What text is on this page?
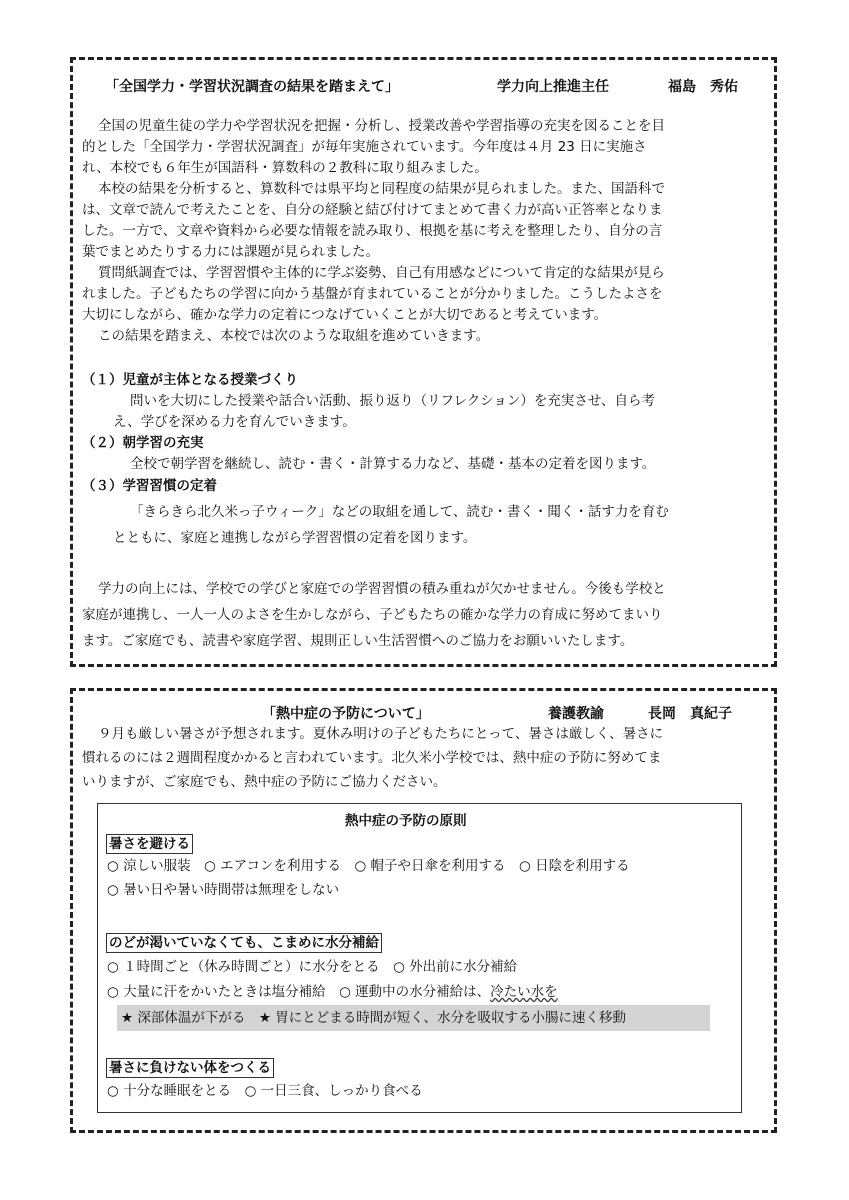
「全国学力・学習状況調査の結果を踏まえて」	学力向上推進主任	福島　秀佑
全国の児童生徒の学力や学習状況を把握・分析し、授業改善や学習指導の充実を図ることを目
的とした「全国学力・学習状況調査」が毎年実施されています。今年度は４月 23 日に実施さ
れ、本校でも６年生が国語科・算数科の２教科に取り組みました。
本校の結果を分析すると、算数科では県平均と同程度の結果が見られました。また、国語科で
は、文章で読んで考えたことを、自分の経験と結び付けてまとめて書く力が高い正答率となりま
した。一方で、文章や資料から必要な情報を読み取り、根拠を基に考えを整理したり、自分の言
葉でまとめたりする力には課題が見られました。
質問紙調査では、学習習慣や主体的に学ぶ姿勢、自己有用感などについて肯定的な結果が見ら
れました。子どもたちの学習に向かう基盤が育まれていることが分かりました。こうしたよさを
大切にしながら、確かな学力の定着につなげていくことが大切であると考えています。
この結果を踏まえ、本校では次のような取組を進めていきます。
（１）児童が主体となる授業づくり
問いを大切にした授業や話合い活動、振り返り（リフレクション）を充実させ、自ら考
え、学びを深める力を育んでいきます。
（２）朝学習の充実
全校で朝学習を継続し、読む・書く・計算する力など、基礎・基本の定着を図ります。
（３）学習習慣の定着
「きらきら北久米っ子ウィーク」などの取組を通して、読む・書く・聞く・話す力を育む
とともに、家庭と連携しながら学習習慣の定着を図ります。
学力の向上には、学校での学びと家庭での学習習慣の積み重ねが欠かせません。今後も学校と
家庭が連携し、一人一人のよさを生かしながら、子どもたちの確かな学力の育成に努めてまいり
ます。ご家庭でも、読書や家庭学習、規則正しい生活習慣へのご協力をお願いいたします。
「熱中症の予防について」	養護教諭	長岡　真紀子
９月も厳しい暑さが予想されます。夏休み明けの子どもたちにとって、暑さは厳しく、暑さに
慣れるのには２週間程度かかると言われています。北久米小学校では、熱中症の予防に努めてま
いりますが、ご家庭でも、熱中症の予防にご協力ください。
熱中症の予防の原則
暑さを避ける
○ 涼しい服装　○ エアコンを利用する　○ 帽子や日傘を利用する　○ 日陰を利用する
○ 暑い日や暑い時間帯は無理をしない
のどが渇いていなくても、こまめに水分補給
○ １時間ごと（休み時間ごと）に水分をとる　○ 外出前に水分補給
○ 大量に汗をかいたときは塩分補給　○ 運動中の水分補給は、冷たい水を
★ 深部体温が下がる　★ 胃にとどまる時間が短く、水分を吸収する小腸に速く移動
暑さに負けない体をつくる
○ 十分な睡眠をとる　○ 一日三食、しっかり食べる
